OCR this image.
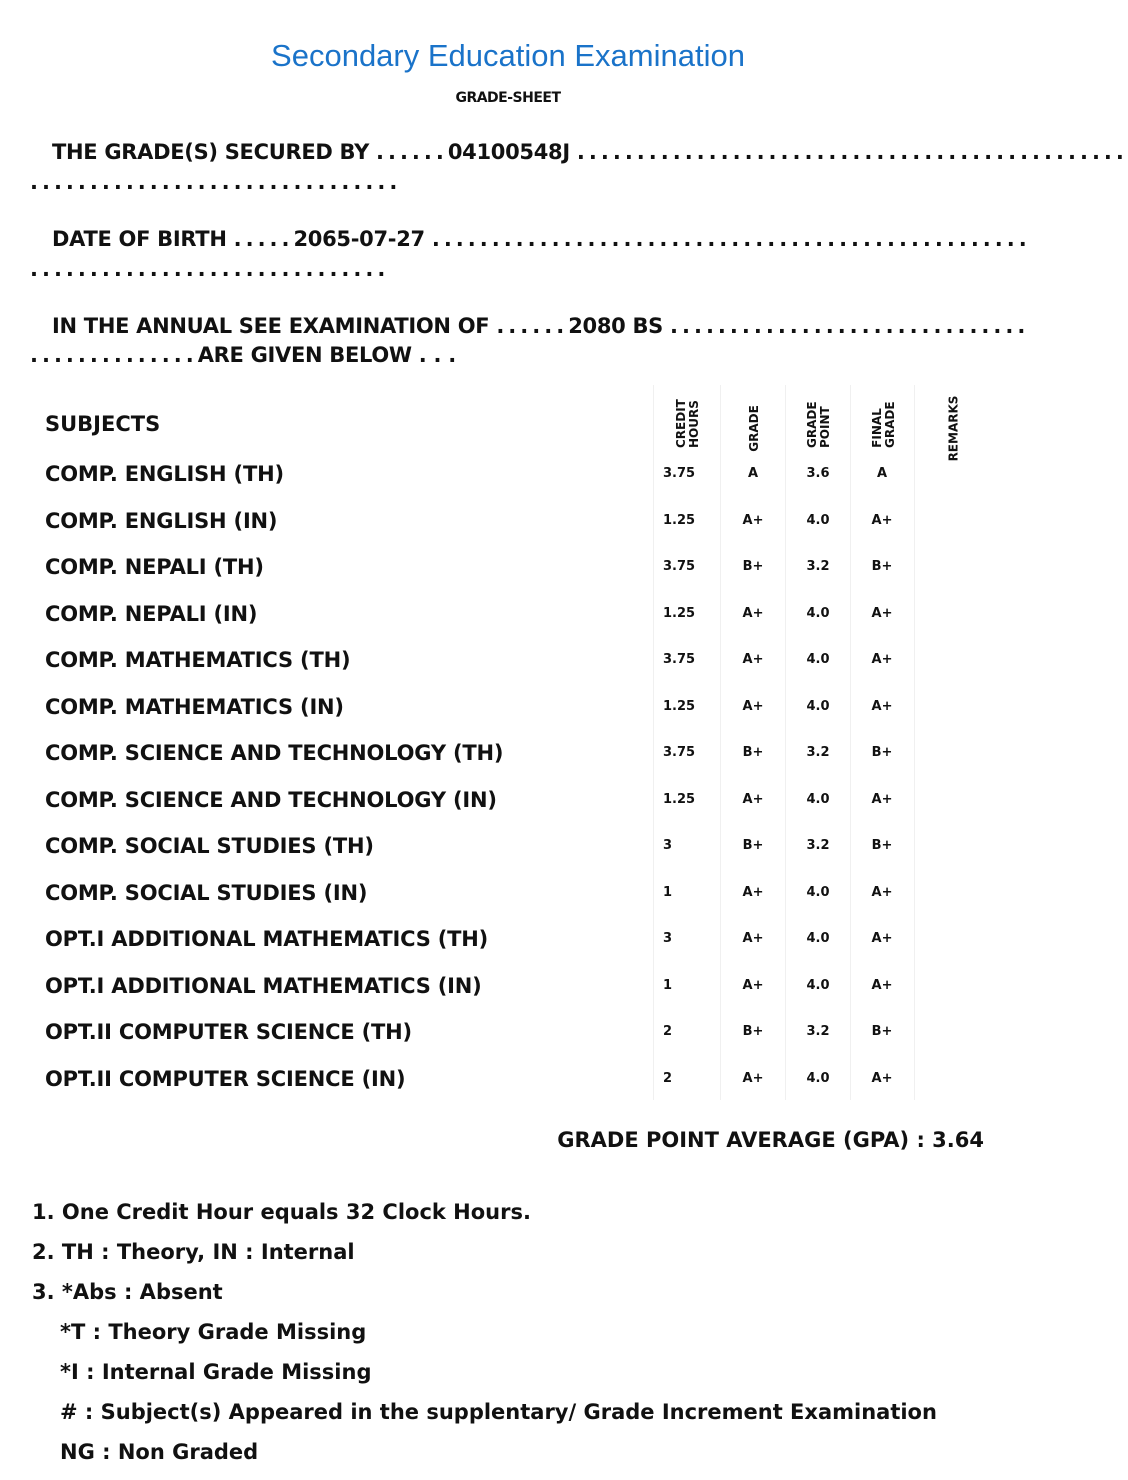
Secondary Education Examination
GRADE-SHEET
THE GRADE(S) SECURED BY ......04100548J ..............................................
...............................
DATE OF BIRTH .....2065-07-27 ..................................................
..............................
IN THE ANNUAL SEE EXAMINATION OF ......2080 BS ..............................
..............ARE GIVEN BELOW . . .
SUBJECTS	CREDIT HOURS	GRADE	GRADE POINT	FINAL GRADE	REMARKS
COMP. ENGLISH (TH)	3.75	A	3.6	A
COMP. ENGLISH (IN)	1.25	A+	4.0	A+
COMP. NEPALI (TH)	3.75	B+	3.2	B+
COMP. NEPALI (IN)	1.25	A+	4.0	A+
COMP. MATHEMATICS (TH)	3.75	A+	4.0	A+
COMP. MATHEMATICS (IN)	1.25	A+	4.0	A+
COMP. SCIENCE AND TECHNOLOGY (TH)	3.75	B+	3.2	B+
COMP. SCIENCE AND TECHNOLOGY (IN)	1.25	A+	4.0	A+
COMP. SOCIAL STUDIES (TH)	3	B+	3.2	B+
COMP. SOCIAL STUDIES (IN)	1	A+	4.0	A+
OPT.I ADDITIONAL MATHEMATICS (TH)	3	A+	4.0	A+
OPT.I ADDITIONAL MATHEMATICS (IN)	1	A+	4.0	A+
OPT.II COMPUTER SCIENCE (TH)	2	B+	3.2	B+
OPT.II COMPUTER SCIENCE (IN)	2	A+	4.0	A+
GRADE POINT AVERAGE (GPA) : 3.64
1. One Credit Hour equals 32 Clock Hours.
2. TH : Theory, IN : Internal
3. *Abs : Absent
*T : Theory Grade Missing
*I : Internal Grade Missing
# : Subject(s) Appeared in the supplentary/ Grade Increment Examination
NG : Non Graded
